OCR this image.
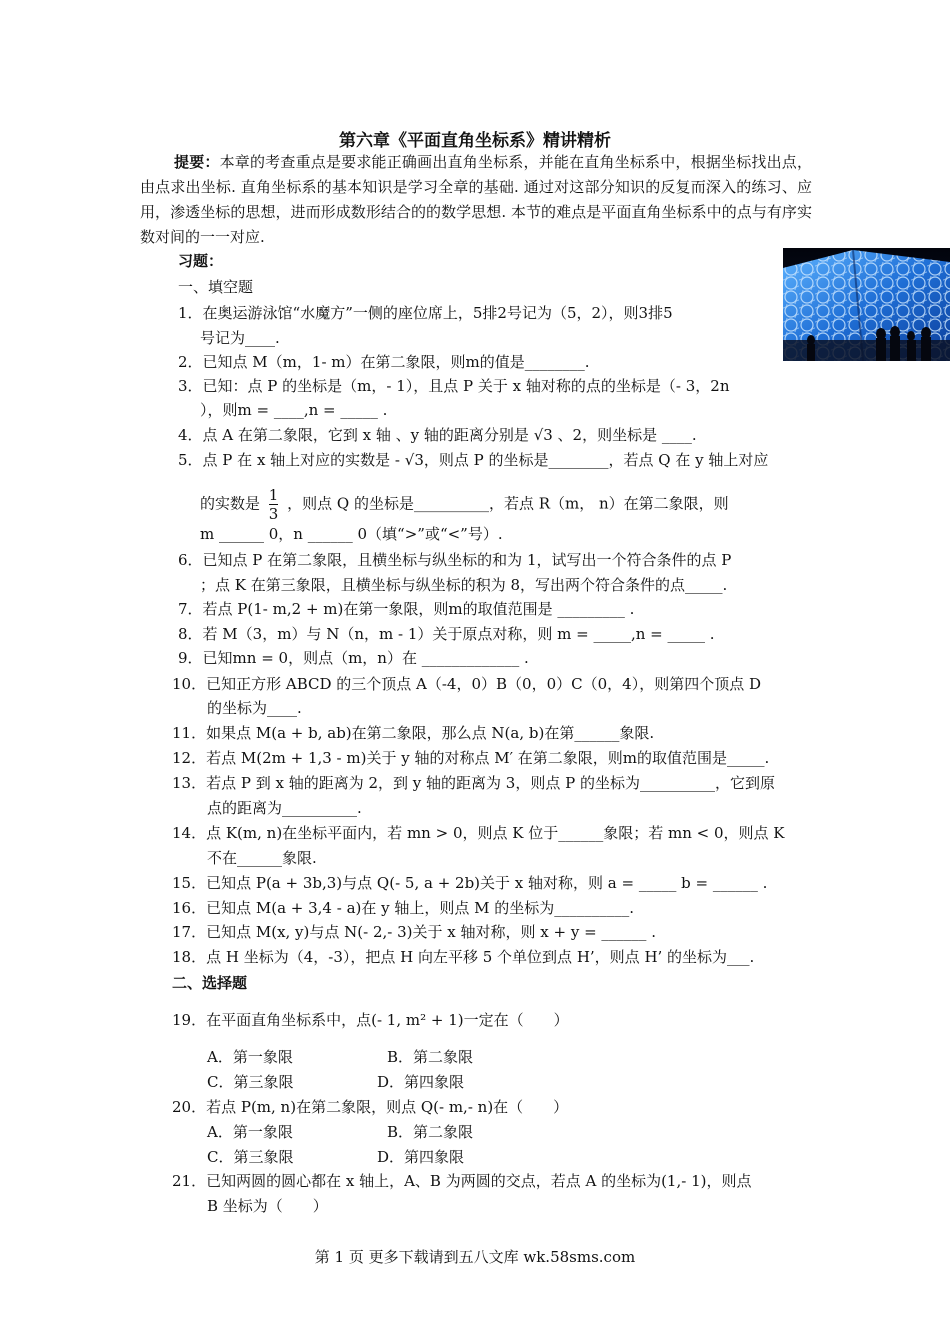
第六章《平面直角坐标系》精讲精析
提要：本章的考查重点是要求能正确画出直角坐标系，并能在直角坐标系中，根据坐标找出点，由点求出坐标. 直角坐标系的基本知识是学习全章的基础. 通过对这部分知识的反复而深入的练习、应用，渗透坐标的思想，进而形成数形结合的的数学思想. 本节的难点是平面直角坐标系中的点与有序实数对间的一一对应.
习题：
一、填空题
1．在奥运游泳馆“水魔方”一侧的座位席上，5排2号记为（5，2），则3排5
号记为____.
2．已知点 M（m，1- m）在第二象限，则m的值是________.
3．已知：点 P 的坐标是（m，- 1），且点 P 关于 x 轴对称的点的坐标是（- 3，2n
），则m = ____,n = _____ .
4．点 A 在第二象限，它到 x 轴 、y 轴的距离分别是 √3 、2，则坐标是 ____.
5．点 P 在 x 轴上对应的实数是 - √3，则点 P 的坐标是________，若点 Q 在 y 轴上对应
的实数是 $\frac{1}{3}$ ，则点 Q 的坐标是__________，若点 R（m， n）在第二象限，则
m ______ 0，n ______ 0（填“>”或“<”号）.
6．已知点 P 在第二象限，且横坐标与纵坐标的和为 1，试写出一个符合条件的点 P
；点 K 在第三象限，且横坐标与纵坐标的积为 8，写出两个符合条件的点_____.
7．若点 P(1- m,2 + m)在第一象限，则m的取值范围是 _________ .
8．若 M（3，m）与 N（n，m - 1）关于原点对称，则 m = _____,n = _____ .
9．已知mn = 0，则点（m，n）在 _____________ .
10．已知正方形 ABCD 的三个顶点 A（-4，0）B（0，0）C（0，4），则第四个顶点 D
的坐标为____.
11．如果点 M(a + b, ab)在第二象限，那么点 N(a, b)在第______象限.
12．若点 M(2m + 1,3 - m)关于 y 轴的对称点 M′ 在第二象限，则m的取值范围是_____.
13．若点 P 到 x 轴的距离为 2，到 y 轴的距离为 3，则点 P 的坐标为__________，它到原
点的距离为__________.
14．点 K(m, n)在坐标平面内，若 mn > 0，则点 K 位于______象限；若 mn < 0，则点 K
不在______象限.
15．已知点 P(a + 3b,3)与点 Q(- 5, a + 2b)关于 x 轴对称，则 a = _____ b = ______ .
16．已知点 M(a + 3,4 - a)在 y 轴上，则点 M 的坐标为__________.
17．已知点 M(x, y)与点 N(- 2,- 3)关于 x 轴对称，则 x + y = ______ .
18．点 H 坐标为（4，-3），把点 H 向左平移 5 个单位到点 H’，则点 H’ 的坐标为___.
二、选择题
19．在平面直角坐标系中，点(- 1, m² + 1)一定在（　　）
A．第一象限	B．第二象限
C．第三象限	D．第四象限
20．若点 P(m, n)在第二象限，则点 Q(- m,- n)在（　　）
A．第一象限	B．第二象限
C．第三象限	D．第四象限
21．已知两圆的圆心都在 x 轴上，A、B 为两圆的交点，若点 A 的坐标为(1,- 1)，则点
B 坐标为（　　）
第 1 页 更多下载请到五八文库 wk.58sms.com
